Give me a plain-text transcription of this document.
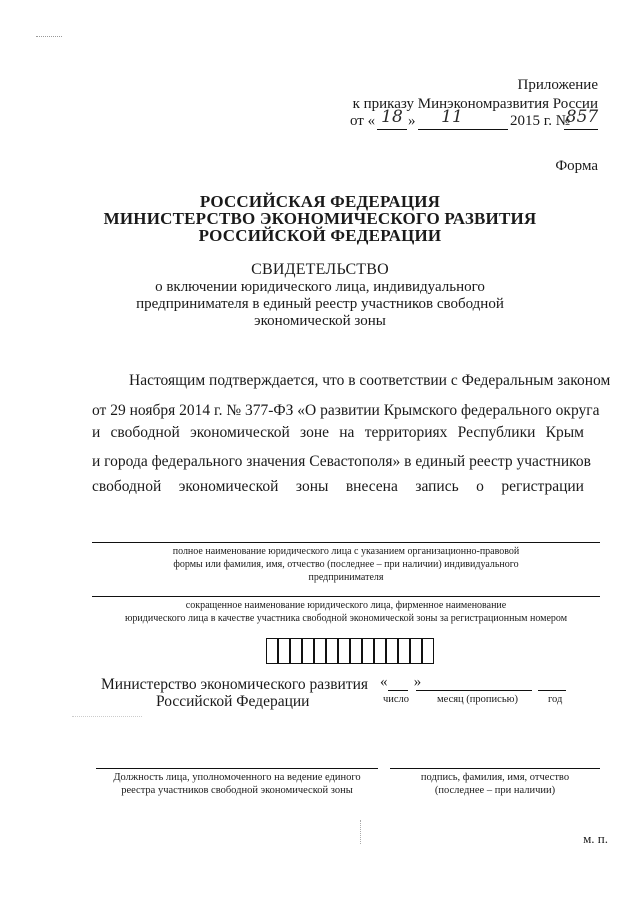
Приложение
к приказу Минэкономразвития России
от « 18 »	11	2015 г. №
857
Форма
РОССИЙСКАЯ ФЕДЕРАЦИЯ
МИНИСТЕРСТВО ЭКОНОМИЧЕСКОГО РАЗВИТИЯ
РОССИЙСКОЙ ФЕДЕРАЦИИ
СВИДЕТЕЛЬСТВО
о включении юридического лица, индивидуального
предпринимателя в единый реестр участников свободной
экономической зоны
Настоящим подтверждается, что в соответствии с Федеральным законом
от 29 ноября 2014 г. № 377-ФЗ «О развитии Крымского федерального округа
и свободной экономической зоне на территориях Республики Крым
и города федерального значения Севастополя» в единый реестр участников
свободной экономической зоны внесена запись о регистрации
полное наименование юридического лица с указанием организационно-правовой
формы или фамилия, имя, отчество (последнее – при наличии) индивидуального
предпринимателя
сокращенное наименование юридического лица, фирменное наименование
юридического лица в качестве участника свободной экономической зоны за регистрационным номером
Министерство экономического развития
Российской Федерации
«       »
число	месяц (прописью)	год
Должность лица, уполномоченного на ведение единого
реестра участников свободной экономической зоны
подпись, фамилия, имя, отчество
(последнее – при наличии)
м. п.
